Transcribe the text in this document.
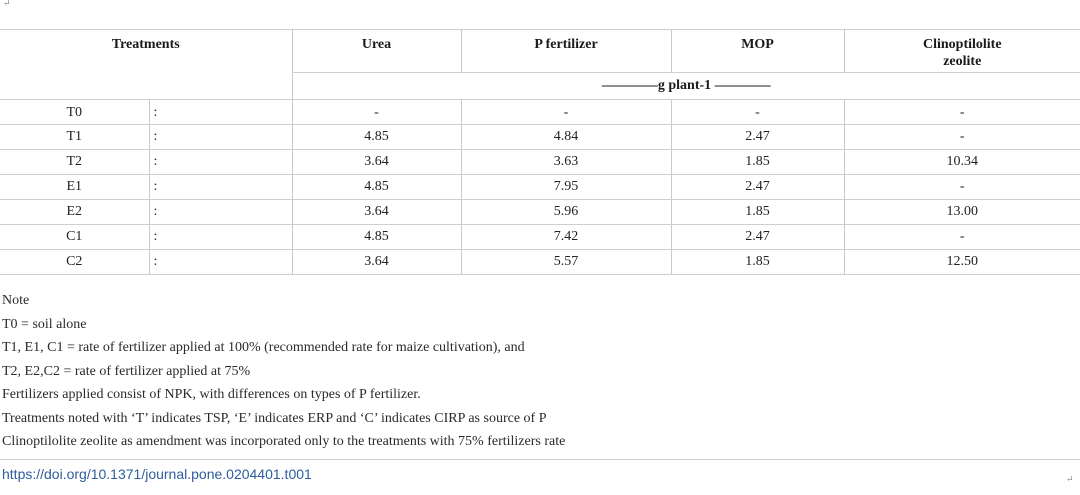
↵
Treatments		Urea	P fertilizer	MOP	Clinoptilolite
zeolite

		————g plant-1 ————			
T0	:	-	-	-	-
T1	:	4.85	4.84	2.47	-
T2	:	3.64	3.63	1.85	10.34
E1	:	4.85	7.95	2.47	-
E2	:	3.64	5.96	1.85	13.00
C1	:	4.85	7.42	2.47	-
C2	:	3.64	5.57	1.85	12.50
Note
T0 = soil alone
T1, E1, C1 = rate of fertilizer applied at 100% (recommended rate for maize cultivation), and
T2, E2,C2 = rate of fertilizer applied at 75%
Fertilizers applied consist of NPK, with differences on types of P fertilizer.
Treatments noted with ‘T’ indicates TSP, ‘E’ indicates ERP and ‘C’ indicates CIRP as source of P
Clinoptilolite zeolite as amendment was incorporated only to the treatments with 75% fertilizers rate
https://doi.org/10.1371/journal.pone.0204401.t001	↵
